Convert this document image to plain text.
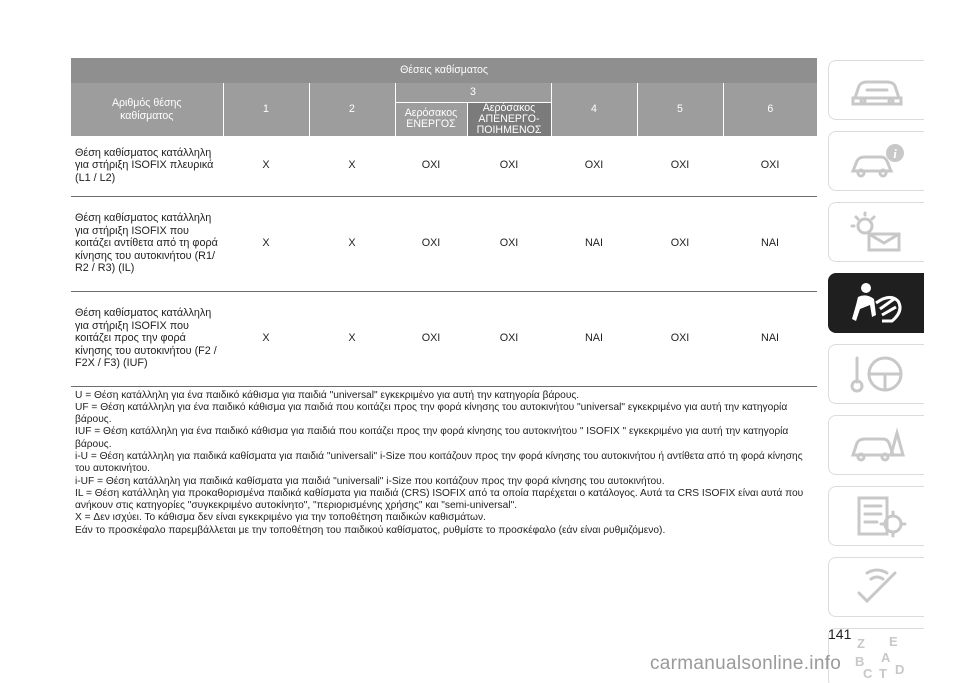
Θέσεις καθίσματος							
Αριθμός θέσης καθίσματος	1	2	3		4	5	6
			Αερόσακος ΕΝΕΡΓΟΣ	Αερόσακος ΑΠΕΝΕΡΓΟ-ΠΟΙΗΜΕΝΟΣ			
Θέση καθίσματος κατάλληλη για στήριξη ISOFIX πλευρικά (L1 / L2)	X	X	ΟΧΙ	ΟΧΙ	ΟΧΙ	ΟΧΙ	ΟΧΙ
Θέση καθίσματος κατάλληλη για στήριξη ISOFIX που κοιτάζει αντίθετα από τη φορά κίνησης του αυτοκινήτου (R1/ R2 / R3) (IL)	X	X	ΟΧΙ	ΟΧΙ	ΝΑΙ	ΟΧΙ	ΝΑΙ
Θέση καθίσματος κατάλληλη για στήριξη ISOFIX που κοιτάζει προς την φορά κίνησης του αυτοκινήτου (F2 / F2X / F3) (IUF)	X	X	ΟΧΙ	ΟΧΙ	ΝΑΙ	ΟΧΙ	ΝΑΙ

U = Θέση κατάλληλη για ένα παιδικό κάθισμα για παιδιά "universal" εγκεκριμένο για αυτή την κατηγορία βάρους.

UF = Θέση κατάλληλη για ένα παιδικό κάθισμα για παιδιά που κοιτάζει προς την φορά κίνησης του αυτοκινήτου "universal" εγκεκριμένο για αυτή την κατηγορία βάρους.

IUF = Θέση κατάλληλη για ένα παιδικό κάθισμα για παιδιά που κοιτάζει προς την φορά κίνησης του αυτοκινήτου " ISOFIX " εγκεκριμένο για αυτή την κατηγορία βάρους.

i-U = Θέση κατάλληλη για παιδικά καθίσματα για παιδιά "universali" i-Size που κοιτάζουν προς την φορά κίνησης του αυτοκινήτου ή αντίθετα από τη φορά κίνησης του αυτοκινήτου.

i-UF = Θέση κατάλληλη για παιδικά καθίσματα για παιδιά "universali" i-Size που κοιτάζουν προς την φορά κίνησης του αυτοκινήτου.

IL = Θέση κατάλληλη για προκαθορισμένα παιδικά καθίσματα για παιδιά (CRS) ISOFIX από τα οποία παρέχεται ο κατάλογος. Αυτά τα CRS ISOFIX είναι αυτά που ανήκουν στις κατηγορίες "συγκεκριμένο αυτοκίνητο", "περιορισμένης χρήσης" και "semi-universal".

X = Δεν ισχύει. Το κάθισμα δεν είναι εγκεκριμένο για την τοποθέτηση παιδικών καθισμάτων.

Εάν το προσκέφαλο παρεμβάλλεται με την τοποθέτηση του παιδικού καθίσματος, ρυθμίστε το προσκέφαλο (εάν είναι ρυθμιζόμενο).

i
Z E
B A
C T D
141
carmanualsonline.info
